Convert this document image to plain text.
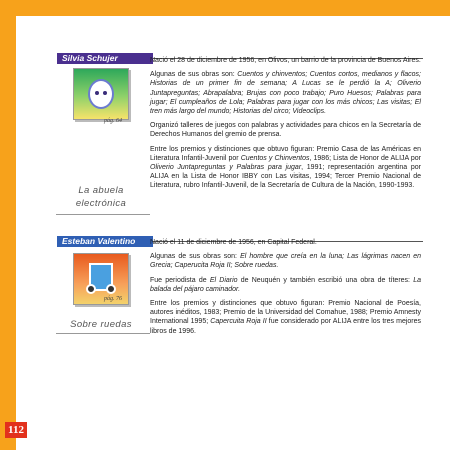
Silvia Schujer
pág. 64
La abuela
electrónica

Nació el 28 de diciembre de 1956, en Olivos, un barrio de la provincia de Buenos Aires.

Algunas de sus obras son: Cuentos y chinventos; Cuentos cortos, medianos y flacos; Historias de un primer fin de semana; A Lucas se le perdió la A; Oliverio Juntapreguntas; Abrapalabra; Brujas con poco trabajo; Puro Huesos; Palabras para jugar; El cumpleaños de Lola; Palabras para jugar con los más chicos; Las visitas; El tren más largo del mundo; Historias del circo; Videoclips.

Organizó talleres de juegos con palabras y actividades para chicos en la Secretaría de Derechos Humanos del gremio de prensa.

Entre los premios y distinciones que obtuvo figuran: Premio Casa de las Américas en Literatura Infantil-Juvenil por Cuentos y Chinventos, 1986; Lista de Honor de ALIJA por Oliverio Juntapreguntas y Palabras para jugar, 1991; representación argentina por ALIJA en la Lista de Honor IBBY con Las visitas, 1994; Tercer Premio Nacional de Literatura, rubro Infantil-Juvenil, de la Secretaría de Cultura de la Nación, 1990-1993.

Esteban Valentino
pág. 76
Sobre ruedas

Nació el 11 de diciembre de 1956, en Capital Federal.

Algunas de sus obras son: El hombre que creía en la luna; Las lágrimas nacen en Grecia; Caperucita Roja II; Sobre ruedas.

Fue periodista de El Diario de Neuquén y también escribió una obra de títeres: La balada del pájaro caminador.

Entre los premios y distinciones que obtuvo figuran: Premio Nacional de Poesía, autores inéditos, 1983; Premio de la Universidad del Comahue, 1988; Premio Amnesty International 1995; Capercuita Roja II fue considerado por ALIJA entre los tres mejores libros de 1996.

112
